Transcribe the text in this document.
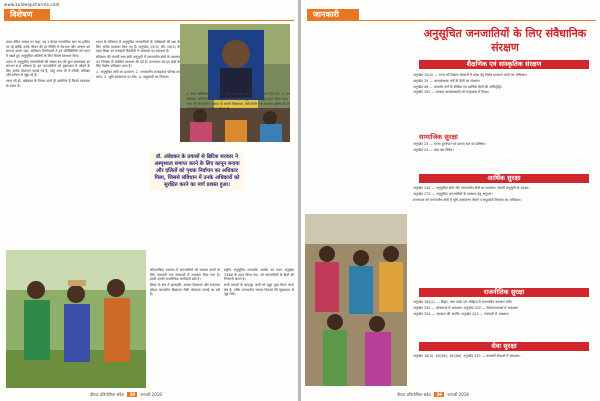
www.kuldeepsharma.com
विशेषण

प्रथम दलित समाज पर कहा, वह न केवल सामाजिक स्तर पर हाशिए पर रहे बल्कि उनके जीवन की हर स्थिति में भेदभाव और अन्याय का सामना करना पड़ा। संविधान निर्माताओं ने इन परिस्थितियों को ध्यान में रखते हुए अनुसूचित जातियों के लिए विशेष प्रावधान किए।

भारत में अनुसूचित जनजातियों की संख्या देश की कुल जनसंख्या का लगभग 8.6 प्रतिशत है। इन जनजातियों को मुख्यधारा से जोड़ने के लिए अनेक योजनाएं चलाई गई हैं, परंतु आज भी वे गरीबी, अशिक्षा और शोषण से जूझ रहे हैं।

आज भी डॉ. अंबेडकर के विचार उतने ही प्रासंगिक हैं जितने स्वतंत्रता के समय थे।

भारत के संविधान में अनुसूचित जनजातियों के अधिकारों की रक्षा के लिए अनेक प्रावधान किए गए हैं। अनुच्छेद 15(4) और 16(4) के तहत शिक्षा एवं सरकारी नौकरियों में आरक्षण का प्रावधान है।

संविधान की पांचवीं तथा छठी अनुसूची में जनजातीय क्षेत्रों के प्रशासन एवं नियंत्रण से संबंधित व्यवस्था की गई है। राज्यपाल को इन क्षेत्रों के लिए विशेष अधिकार प्राप्त हैं।

1. अनुसूचित क्षेत्रों का प्रशासन, 2. जनजातीय सलाहकार परिषद का गठन, 3. भूमि हस्तांतरण पर रोक, 4. साहूकारी का नियमन।

4. पेसा अधिनियम 1996 के तहत ग्राम सभा को विशेष अधिकार दिए गए। 5. वन अधिकार अधिनियम 2006 द्वारा वनवासियों को भूमि पर अधिकार प्रदान किया गया।

आज भी जनजातीय समाज के सामने विस्थापन, बेरोजगारी तथा स्वास्थ्य सुविधाओं की कमी जैसी गंभीर चुनौतियां मौजूद हैं।

डॉ. अंबेडकर के प्रयासों से ब्रिटिश सरकार ने अस्पृश्यता समाप्त करने के लिए कानून बनाया और दलितों को पृथक निर्वाचन का अधिकार मिला, जिससे संविधान में उनके अधिकारों को सुरक्षित करने का मार्ग प्रशस्त हुआ।

लोकतांत्रिक व्यवस्था में जनजातियों को सशक्त बनाने के लिए पंचायती राज संस्थाओं में आरक्षण दिया गया है। इससे उनकी राजनीतिक भागीदारी बढ़ी है।

शिक्षा के क्षेत्र में छात्रवृत्ति, आश्रम विद्यालय और एकलव्य मॉडल आवासीय विद्यालय जैसी योजनाएं चलाई जा रही हैं।

राष्ट्रीय अनुसूचित जनजाति आयोग का गठन अनुच्छेद 338क के तहत किया गया, जो जनजातियों के हितों की निगरानी करता है।

सभी प्रयासों के बावजूद अभी भी बहुत कुछ किया जाना शेष है, ताकि जनजातीय समाज विकास की मुख्यधारा से जुड़ सके।

दीपक प्रतियोगिता संदेश 38 जनवरी 2018
जानकारी
अनुसूचित जनजातियों के लिए संवैधानिक संरक्षण
शैक्षणिक एवं सांस्कृतिक संरक्षण

अनुच्छेद 15(4) — राज्य को शिक्षण संस्थानों में प्रवेश हेतु विशेष प्रावधान करने का अधिकार।

अनुच्छेद 29 — अल्पसंख्यक वर्गों के हितों का संरक्षण।

अनुच्छेद 46 — कमजोर वर्गों के शैक्षिक एवं आर्थिक हितों की अभिवृद्धि।

अनुच्छेद 350 — भाषाई अल्पसंख्यकों को मातृभाषा में शिक्षा।

सामाजिक सुरक्षा

अनुच्छेद 23 — मानव दुर्व्यापार एवं बलात् श्रम का प्रतिषेध।

अनुच्छेद 24 — बाल श्रम निषेध।

आर्थिक सुरक्षा

अनुच्छेद 244 — अनुसूचित क्षेत्रों और जनजातीय क्षेत्रों का प्रशासन। पांचवीं अनुसूची के उपबंध।

अनुच्छेद 275 — अनुसूचित जनजातियों के कल्याण हेतु अनुदान।

राज्यपाल को जनजातीय क्षेत्रों में भूमि हस्तांतरण रोकने व साहूकारी नियंत्रण का अधिकार।

राजनीतिक सुरक्षा

अनुच्छेद 164(1) — बिहार, मध्य प्रदेश एवं ओडिशा में जनजातीय कल्याण मंत्री।

अनुच्छेद 330 — लोकसभा में आरक्षण। अनुच्छेद 332 — विधानसभाओं में आरक्षण।

अनुच्छेद 334 — आरक्षण की अवधि। अनुच्छेद 243 — पंचायतों में आरक्षण।

सेवा सुरक्षा

अनुच्छेद 16(4), 16(4क), 16(4ख), अनुच्छेद 335 — सरकारी सेवाओं में आरक्षण।

दीपक प्रतियोगिता संदेश 39 जनवरी 2018
